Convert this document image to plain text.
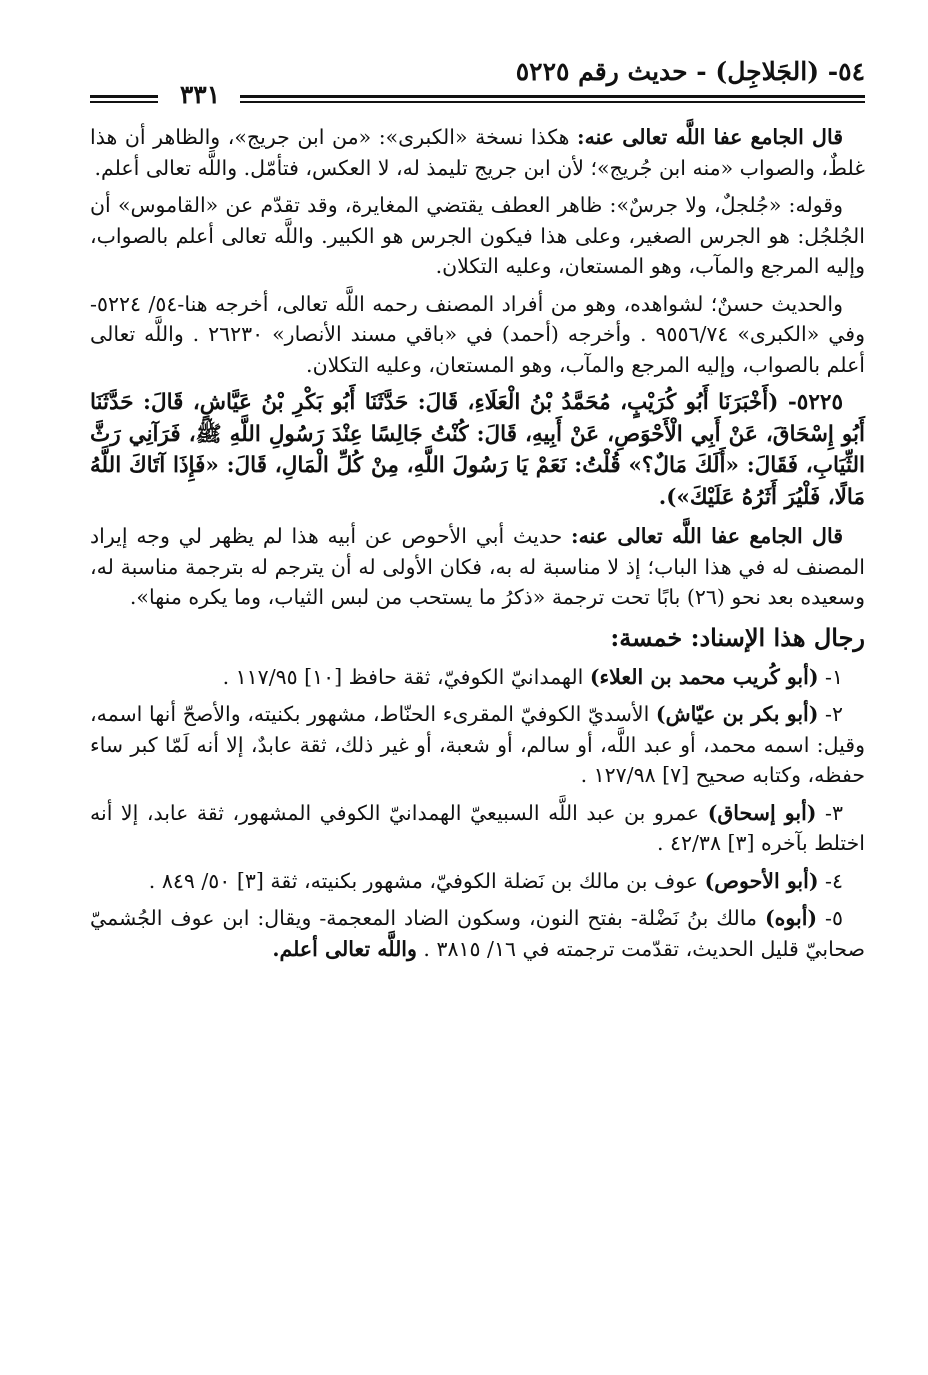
٥٤- (الجَلاجِل) - حديث رقم ٥٢٢٥
٣٣١

قال الجامع عفا اللَّه تعالى عنه: هكذا نسخة «الكبرى»: «من ابن جريج»، والظاهر أن هذا غلطٌ، والصواب «منه ابن جُريج»؛ لأن ابن جريج تليمذ له، لا العكس، فتأمّل. واللَّه تعالى أعلم.

وقوله: «جُلجلٌ، ولا جرسٌ»: ظاهر العطف يقتضي المغايرة، وقد تقدّم عن «القاموس» أن الجُلجُل: هو الجرس الصغير، وعلى هذا فيكون الجرس هو الكبير. واللَّه تعالى أعلم بالصواب، وإليه المرجع والمآب، وهو المستعان، وعليه التكلان.

والحديث حسنٌ؛ لشواهده، وهو من أفراد المصنف رحمه اللَّه تعالى، أخرجه هنا-٥٤/ ٥٢٢٤- وفي «الكبرى» ٩٥٥٦/٧٤ . وأخرجه (أحمد) في «باقي مسند الأنصار» ٢٦٢٣٠ . واللَّه تعالى أعلم بالصواب، وإليه المرجع والمآب، وهو المستعان، وعليه التكلان.

٥٢٢٥- (أَخْبَرَنَا أَبُو كُرَيْبٍ، مُحَمَّدُ بْنُ الْعَلَاءِ، قَالَ: حَدَّثَنَا أَبُو بَكْرِ بْنُ عَيَّاشٍ، قَالَ: حَدَّثَنَا أَبُو إِسْحَاقَ، عَنْ أَبِي الْأَحْوَصِ، عَنْ أَبِيهِ، قَالَ: كُنْتُ جَالِسًا عِنْدَ رَسُولِ اللَّهِ ﷺ، فَرَآنِي رَثَّ الثِّيَابِ، فَقَالَ: «أَلَكَ مَالٌ؟» قُلْتُ: نَعَمْ يَا رَسُولَ اللَّهِ، مِنْ كُلِّ الْمَالِ، قَالَ: «فَإِذَا آتَاكَ اللَّهُ مَالًا، فَلْيُرَ أَثَرُهُ عَلَيْكَ»).

قال الجامع عفا اللَّه تعالى عنه: حديث أبي الأحوص عن أبيه هذا لم يظهر لي وجه إيراد المصنف له في هذا الباب؛ إذ لا مناسبة له به، فكان الأولى له أن يترجم له بترجمة مناسبة له، وسعيده بعد نحو (٢٦) بابًا تحت ترجمة «ذكرُ ما يستحب من لبس الثياب، وما يكره منها».

رجال هذا الإسناد: خمسة:

١- (أبو كُريب محمد بن العلاء) الهمدانيّ الكوفيّ، ثقة حافظ [١٠] ١١٧/٩٥ .

٢- (أبو بكر بن عيّاش) الأسديّ الكوفيّ المقرىء الحنّاط، مشهور بكنيته، والأصحّ أنها اسمه، وقيل: اسمه محمد، أو عبد اللَّه، أو سالم، أو شعبة، أو غير ذلك، ثقة عابدٌ، إلا أنه لَمّا كبر ساء حفظه، وكتابه صحيح [٧] ١٢٧/٩٨ .

٣- (أبو إسحاق) عمرو بن عبد اللَّه السبيعيّ الهمدانيّ الكوفي المشهور، ثقة عابد، إلا أنه اختلط بآخره [٣] ٤٢/٣٨ .

٤- (أبو الأحوص) عوف بن مالك بن نَضلة الكوفيّ، مشهور بكنيته، ثقة [٣] ٥٠/ ٨٤٩ .

٥- (أبوه) مالك بنُ نَضْلة- بفتح النون، وسكون الضاد المعجمة- ويقال: ابن عوف الجُشميّ صحابيّ قليل الحديث، تقدّمت ترجمته في ١٦/ ٣٨١٥ . واللَّه تعالى أعلم.
